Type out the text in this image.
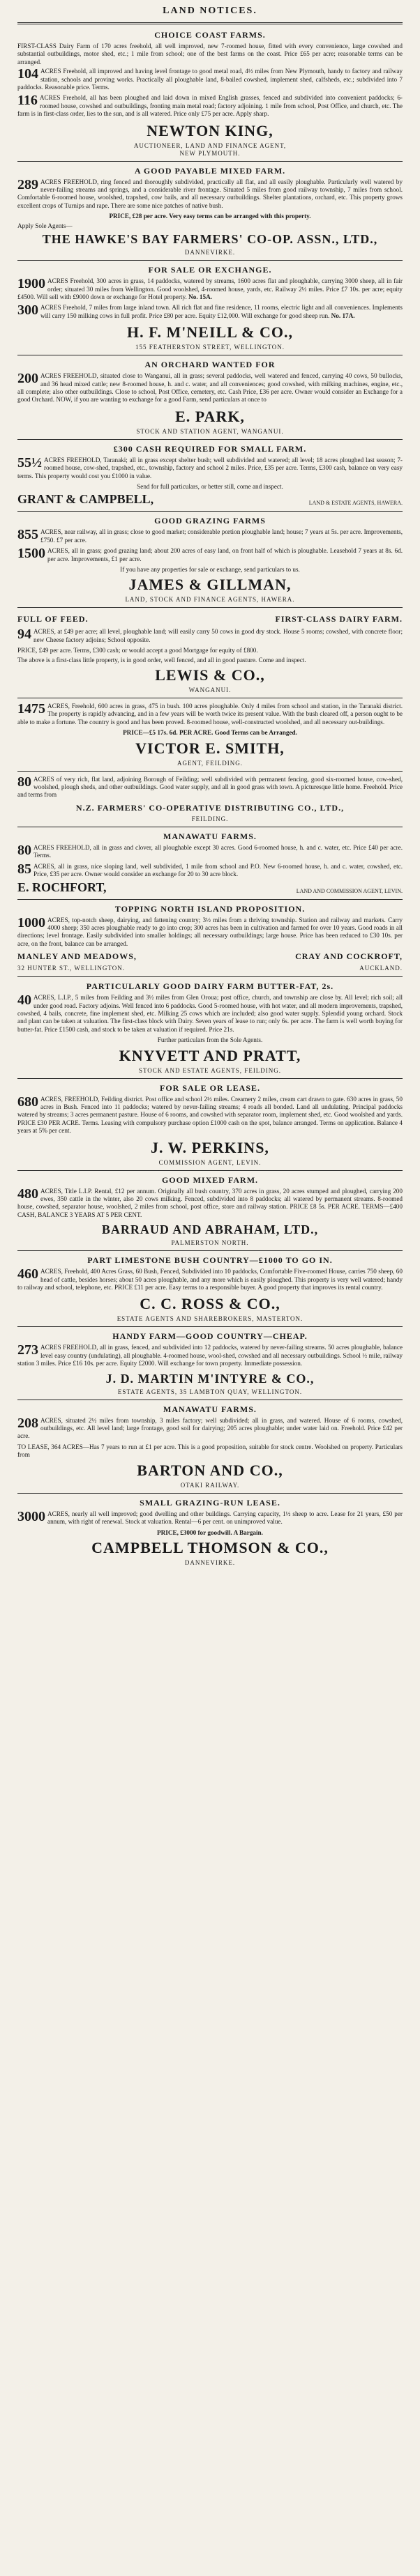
LAND NOTICES.
CHOICE COAST FARMS.
FIRST-CLASS Dairy Farm of 170 acres freehold, all well improved, new 7-roomed house, fitted with every convenience, large cowshed and substantial outbuildings, motor shed, etc.; 1 mile from school; one of the best farms on the coast. Price £65 per acre; reasonable terms can be arranged.
104 ACRES Freehold, all improved and having level frontage to good metal road, 4½ miles from New Plymouth, handy to factory and railway station, schools and proving works. Practically all ploughable land, 8-bailed cowshed, implement shed, calfsheds, etc.; subdivided into 7 paddocks. Reasonable price. Terms.
116 ACRES Freehold, all has been ploughed and laid down in mixed English grasses, fenced and subdivided into convenient paddocks; 6-roomed house, cowshed and outbuildings, fronting main metal road; factory adjoining. 1 mile from school, Post Office, and church, etc. The farm is in first-class order, lies to the sun, and is all watered. Price only £75 per acre. Apply sharp.
NEWTON KING,
AUCTIONEER, LAND AND FINANCE AGENT,
NEW PLYMOUTH.
A GOOD PAYABLE MIXED FARM.
289 ACRES FREEHOLD, ring fenced and thoroughly subdivided, practically all flat, and all easily ploughable. Particularly well watered by never-failing streams and springs, and a considerable river frontage. Situated 5 miles from good railway township, 7 miles from school. Comfortable 6-roomed house, woolshed, trapshed, cow bails, and all necessary outbuildings. Shelter plantations, orchard, etc. This property grows excellent crops of Turnips and rape. There are some nice patches of native bush.
PRICE, £28 per acre. Very easy terms can be arranged with this property.
Apply Sole Agents—
THE HAWKE'S BAY FARMERS' CO-OP. ASSN., LTD.,
DANNEVIRKE.
FOR SALE OR EXCHANGE.
1900 ACRES Freehold, 300 acres in grass, 14 paddocks, watered by streams, 1600 acres flat and ploughable, carrying 3000 sheep, all in fair order; situated 30 miles from Wellington. Good woolshed, 4-roomed house, yards, etc. Railway 2½ miles. Price £7 10s. per acre; equity £4500. Will sell with £9000 down or exchange for Hotel property. No. 15A.
300 ACRES Freehold, 7 miles from large inland town. All rich flat and fine residence, 11 rooms, electric light and all conveniences. Implements will carry 150 milking cows in full profit. Price £80 per acre. Equity £12,000. Will exchange for good sheep run. No. 17A.
H. F. M'NEILL & CO.,
155 FEATHERSTON STREET, WELLINGTON.
AN ORCHARD WANTED FOR
200 ACRES FREEHOLD, situated close to Wanganui, all in grass; several paddocks, well watered and fenced, carrying 40 cows, 50 bullocks, and 36 head mixed cattle; new 8-roomed house, h. and c. water, and all conveniences; good cowshed, with milking machines, engine, etc., all complete; also other outbuildings. Close to school, Post Office, cemetery, etc. Cash Price, £36 per acre. Owner would consider an Exchange for a good Orchard. NOW, if you are wanting to exchange for a good Farm, send particulars at once to
E. PARK,
STOCK AND STATION AGENT, WANGANUI.
£300 CASH REQUIRED FOR SMALL FARM.
55½ ACRES FREEHOLD, Taranaki; all in grass except shelter bush; well subdivided and watered; all level; 18 acres ploughed last season; 7-roomed house, cow-shed, trapshed, etc., township, factory and school 2 miles. Price, £35 per acre. Terms, £300 cash, balance on very easy terms. This property would cost you £1000 in value.
Send for full particulars, or better still, come and inspect.
GRANT & CAMPBELL,	LAND & ESTATE AGENTS, HAWERA.
GOOD GRAZING FARMS
855 ACRES, near railway, all in grass; close to good market; considerable portion ploughable land; house; 7 years at 5s. per acre. Improvements, £750. £7 per acre.
1500 ACRES, all in grass; good grazing land; about 200 acres of easy land, on front half of which is ploughable. Leasehold 7 years at 8s. 6d. per acre. Improvements, £1 per acre.
If you have any properties for sale or exchange, send particulars to us.
JAMES & GILLMAN,
LAND, STOCK AND FINANCE AGENTS, HAWERA.
FULL OF FEED.	FIRST-CLASS DAIRY FARM.
94 ACRES, at £49 per acre; all level, ploughable land; will easily carry 50 cows in good dry stock. House 5 rooms; cowshed, with concrete floor; new Cheese factory adjoins; School opposite.
PRICE, £49 per acre. Terms, £300 cash; or would accept a good Mortgage for equity of £800.
The above is a first-class little property, is in good order, well fenced, and all in good pasture. Come and inspect.
LEWIS & CO.,
WANGANUI.
1475 ACRES, Freehold, 600 acres in grass, 475 in bush. 100 acres ploughable. Only 4 miles from school and station, in the Taranaki district. The property is rapidly advancing, and in a few years will be worth twice its present value. With the bush cleared off, a person ought to be able to make a fortune. The country is good and has been proved. 8-roomed house, well-constructed woolshed, and all necessary out-buildings.
PRICE—£5 17s. 6d. PER ACRE. Good Terms can be Arranged.
VICTOR E. SMITH,
AGENT, FEILDING.
80 ACRES of very rich, flat land, adjoining Borough of Feilding; well subdivided with permanent fencing, good six-roomed house, cow-shed, woolshed, plough sheds, and other outbuildings. Good water supply, and all in good grass with town. A picturesque little home. Freehold. Price and terms from
N.Z. FARMERS' CO-OPERATIVE DISTRIBUTING CO., LTD.,
FEILDING.
MANAWATU FARMS.
80 ACRES FREEHOLD, all in grass and clover, all ploughable except 30 acres. Good 6-roomed house, h. and c. water, etc. Price £40 per acre. Terms.
85 ACRES, all in grass, nice sloping land, well subdivided, 1 mile from school and P.O. New 6-roomed house, h. and c. water, cowshed, etc. Price, £35 per acre. Owner would consider an exchange for 20 to 30 acre block.
E. ROCHFORT,	LAND AND COMMISSION AGENT, LEVIN.
TOPPING NORTH ISLAND PROPOSITION.
1000 ACRES, top-notch sheep, dairying, and fattening country; 3½ miles from a thriving township. Station and railway and markets. Carry 4000 sheep; 350 acres ploughable ready to go into crop; 300 acres has been in cultivation and farmed for over 10 years. Good roads in all directions; level frontage. Easily subdivided into smaller holdings; all necessary outbuildings; large house. Price has been reduced to £30 10s. per acre, on the front, balance can be arranged.
MANLEY AND MEADOWS,	CRAY AND COCKROFT,
32 HUNTER ST., WELLINGTON.	AUCKLAND.
PARTICULARLY GOOD DAIRY FARM BUTTER-FAT, 2s.
40 ACRES, L.I.P., 5 miles from Feilding and 3½ miles from Glen Oroua; post office, church, and township are close by. All level; rich soil; all under good road. Factory adjoins. Well fenced into 6 paddocks. Good 5-roomed house, with hot water, and all modern improvements, trapshed, cowshed, 4 bails, concrete, fine implement shed, etc. Milking 25 cows which are included; also good water supply. Splendid young orchard. Stock and plant can be taken at valuation. The first-class block with Dairy. Seven years of lease to run; only 6s. per acre. The farm is well worth buying for butter-fat. Price £1500 cash, and stock to be taken at valuation if required. Price 21s.
Further particulars from the Sole Agents.
KNYVETT AND PRATT,
STOCK AND ESTATE AGENTS, FEILDING.
FOR SALE OR LEASE.
680 ACRES, FREEHOLD, Feilding district. Post office and school 2½ miles. Creamery 2 miles, cream cart drawn to gate. 630 acres in grass, 50 acres in Bush. Fenced into 11 paddocks; watered by never-failing streams; 4 roads all bonded. Land all undulating. Principal paddocks watered by streams; 3 acres permanent pasture. House of 6 rooms, and cowshed with separator room, implement shed, etc. Good woolshed and yards. PRICE £30 PER ACRE. Terms. Leasing with compulsory purchase option £1000 cash on the spot, balance arranged. Terms on application. Balance 4 years at 5% per cent.
J. W. PERKINS,
COMMISSION AGENT, LEVIN.
GOOD MIXED FARM.
480 ACRES, Title L.I.P. Rental, £12 per annum. Originally all bush country, 370 acres in grass, 20 acres stumped and ploughed, carrying 200 ewes, 350 cattle in the winter, also 20 cows milking. Fenced, subdivided into 8 paddocks; all watered by permanent streams. 8-roomed house, cowshed, separator house, woolshed, 2 miles from school, post office, store and railway station. PRICE £8 5s. PER ACRE. TERMS—£400 CASH, BALANCE 3 YEARS AT 5 PER CENT.
BARRAUD AND ABRAHAM, LTD.,
PALMERSTON NORTH.
PART LIMESTONE BUSH COUNTRY—£1000 TO GO IN.
460 ACRES, Freehold, 400 Acres Grass, 60 Bush, Fenced, Subdivided into 10 paddocks, Comfortable Five-roomed House, carries 750 sheep, 60 head of cattle, besides horses; about 50 acres ploughable, and any more which is easily ploughed. This property is very well watered; handy to railway and school, telephone, etc. PRICE £11 per acre. Easy terms to a responsible buyer. A good property that improves its rental country.
C. C. ROSS & CO.,
ESTATE AGENTS AND SHAREBROKERS, MASTERTON.
HANDY FARM—GOOD COUNTRY—CHEAP.
273 ACRES FREEHOLD, all in grass, fenced, and subdivided into 12 paddocks, watered by never-failing streams. 50 acres ploughable, balance level easy country (undulating), all ploughable. 4-roomed house, wool-shed, cowshed and all necessary outbuildings. School ½ mile, railway station 3 miles. Price £16 10s. per acre. Equity £2000. Will exchange for town property. Immediate possession.
J. D. MARTIN M'INTYRE & CO.,
ESTATE AGENTS, 35 LAMBTON QUAY, WELLINGTON.
MANAWATU FARMS.
208 ACRES, situated 2½ miles from township, 3 miles factory; well subdivided; all in grass, and watered. House of 6 rooms, cowshed, outbuildings, etc. All level land; large frontage, good soil for dairying; 205 acres ploughable; under water laid on. Freehold. Price £42 per acre.
TO LEASE, 364 ACRES—Has 7 years to run at £1 per acre. This is a good proposition, suitable for stock centre. Woolshed on property. Particulars from
BARTON AND CO.,
OTAKI RAILWAY.
SMALL GRAZING-RUN LEASE.
3000 ACRES, nearly all well improved; good dwelling and other buildings. Carrying capacity, 1½ sheep to acre. Lease for 21 years, £50 per annum, with right of renewal. Stock at valuation. Rental—6 per cent. on unimproved value.
PRICE, £3000 for goodwill. A Bargain.
CAMPBELL THOMSON & CO.,
DANNEVIRKE.
